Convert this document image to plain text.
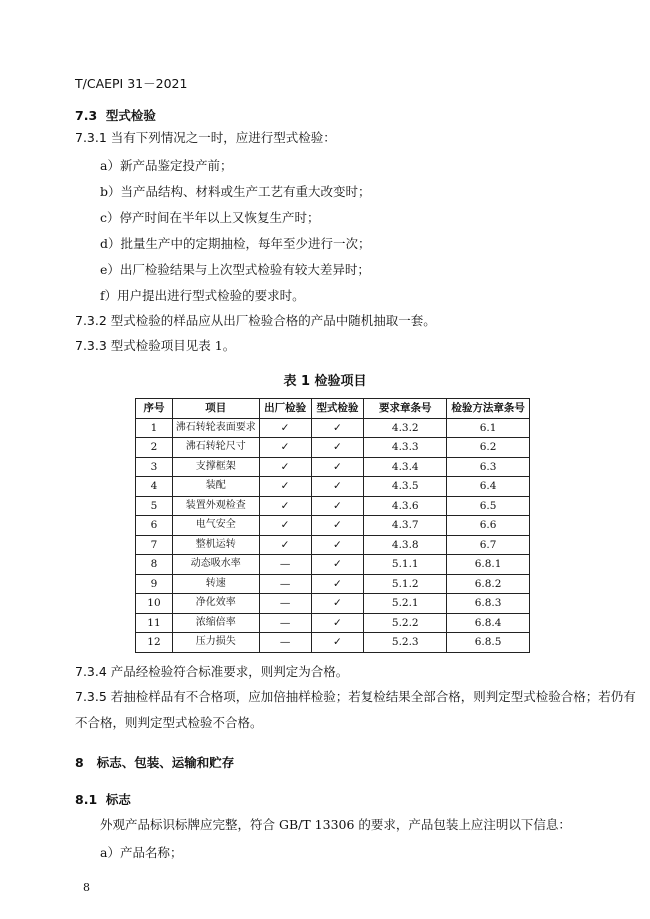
T/CAEPI 31－2021
7.3 型式检验
7.3.1 当有下列情况之一时，应进行型式检验：
a）新产品鉴定投产前；
b）当产品结构、材料或生产工艺有重大改变时；
c）停产时间在半年以上又恢复生产时；
d）批量生产中的定期抽检，每年至少进行一次；
e）出厂检验结果与上次型式检验有较大差异时；
f）用户提出进行型式检验的要求时。
7.3.2 型式检验的样品应从出厂检验合格的产品中随机抽取一套。
7.3.3 型式检验项目见表 1。
表 1 检验项目
序号	项目	出厂检验	型式检验	要求章条号	检验方法章条号
1	沸石转轮表面要求	✓	✓	4.3.2	6.1
2	沸石转轮尺寸	✓	✓	4.3.3	6.2
3	支撑框架	✓	✓	4.3.4	6.3
4	装配	✓	✓	4.3.5	6.4
5	装置外观检查	✓	✓	4.3.6	6.5
6	电气安全	✓	✓	4.3.7	6.6
7	整机运转	✓	✓	4.3.8	6.7
8	动态吸水率	—	✓	5.1.1	6.8.1
9	转速	—	✓	5.1.2	6.8.2
10	净化效率	—	✓	5.2.1	6.8.3
11	浓缩倍率	—	✓	5.2.2	6.8.4
12	压力损失	—	✓	5.2.3	6.8.5
7.3.4 产品经检验符合标准要求，则判定为合格。
7.3.5 若抽检样品有不合格项，应加倍抽样检验；若复检结果全部合格，则判定型式检验合格；若仍有
不合格，则判定型式检验不合格。
8 标志、包装、运输和贮存
8.1 标志
外观产品标识标牌应完整，符合 GB/T 13306 的要求，产品包装上应注明以下信息：
a）产品名称；
8
